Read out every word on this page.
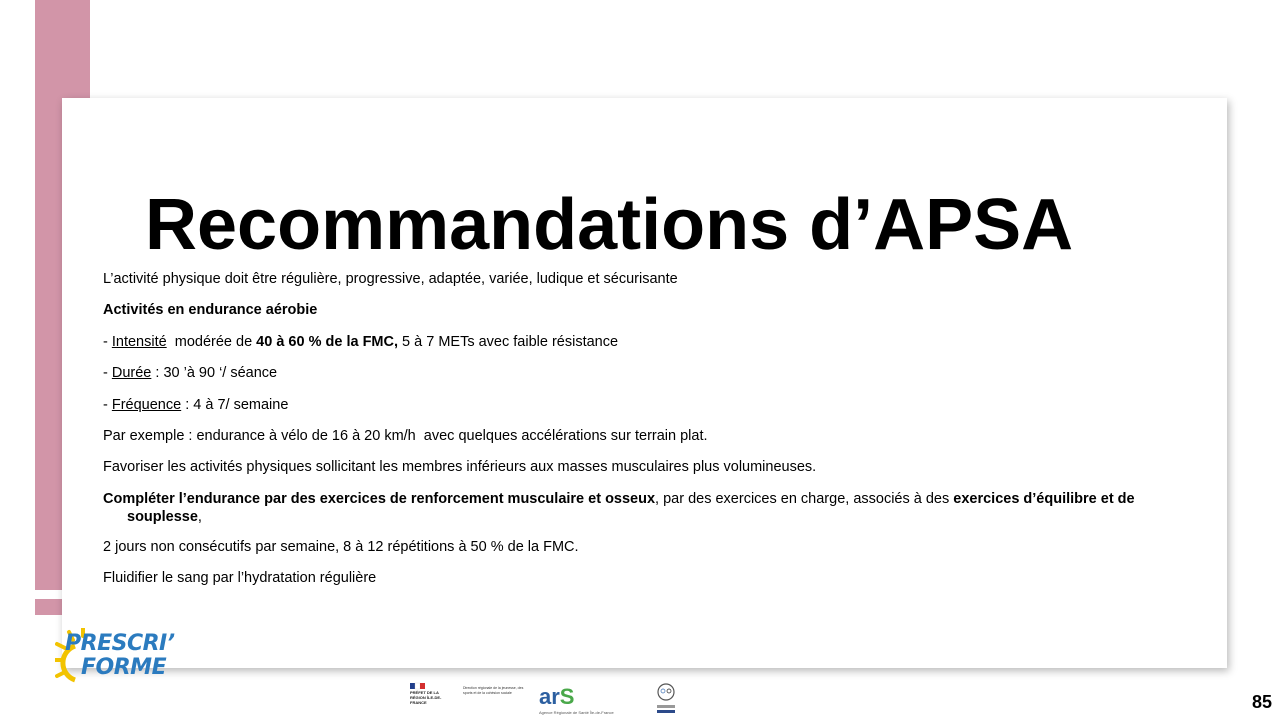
Recommandations d’APSA

L’activité physique doit être régulière, progressive, adaptée, variée, ludique et sécurisante

Activités en endurance aérobie

- Intensité  modérée de 40 à 60 % de la FMC, 5 à 7 METs avec faible résistance

- Durée : 30 ’à 90 ‘/ séance

- Fréquence : 4 à 7/ semaine

Par exemple : endurance à vélo de 16 à 20 km/h  avec quelques accélérations sur terrain plat.

Favoriser les activités physiques sollicitant les membres inférieurs aux masses musculaires plus volumineuses.

Compléter l’endurance par des exercices de renforcement musculaire et osseux, par des exercices en charge, associés à des exercices d’équilibre et de souplesse,

2 jours non consécutifs par semaine, 8 à 12 répétitions à 50 % de la FMC.

Fluidifier le sang par l’hydratation régulière

PRESCRI’
FORME
PRÉFET DE LA RÉGION ÎLE-DE-FRANCE
Direction régionale de la jeunesse, des sports et de la cohésion sociale	arS
Agence Régionale de Santé Île-de-France
85
